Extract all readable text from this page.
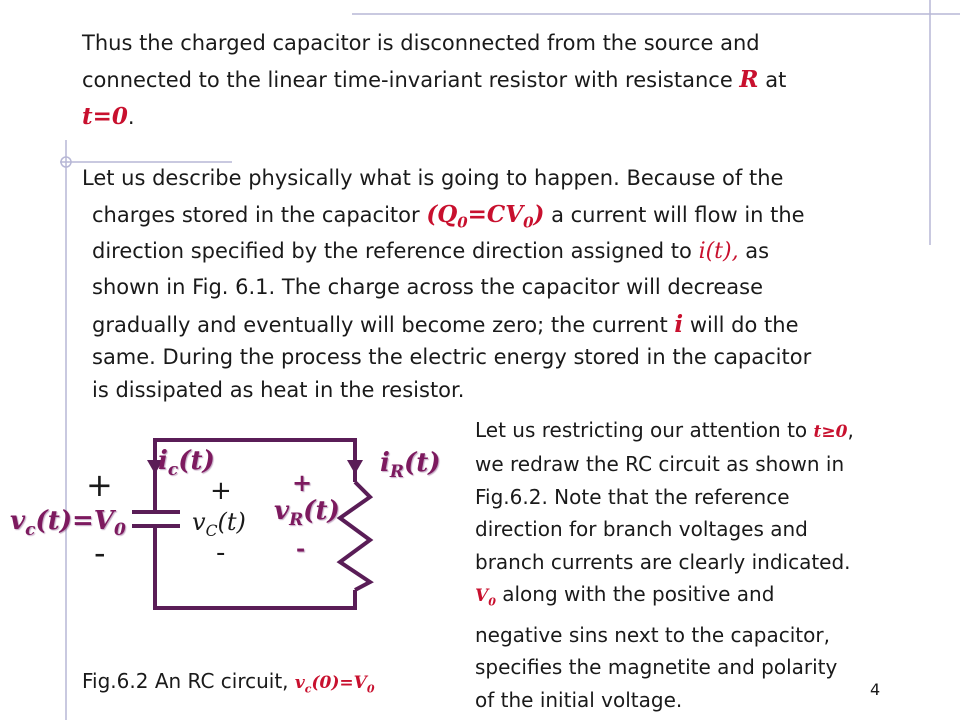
Thus the charged capacitor is disconnected from the source and
connected to the linear time-invariant resistor with resistance R at
t=0.
Let us describe physically what is going to happen. Because of the
charges stored in the capacitor $(Q_0=CV_0)$ a current will flow in the
direction specified by the reference direction assigned to i(t), as
shown in Fig. 6.1. The charge across the capacitor will decrease
gradually and eventually will become zero; the current i will do the
same. During the process the electric energy stored in the capacitor
is dissipated as heat in the resistor.
$i_c(t)$	$i_R(t)$
+
$v_c(t)=V_0$
-
+
$v_C(t)$
-
+
$v_R(t)$
-
Fig.6.2 An RC circuit, $v_c(0)=V_0$
Let us restricting our attention to t≥0,
we redraw the RC circuit as shown in
Fig.6.2. Note that the reference
direction for branch voltages and
branch currents are clearly indicated.
$V_0$ along with the positive and
negative sins next to the capacitor,
specifies the magnetite and polarity
of the initial voltage.	4
